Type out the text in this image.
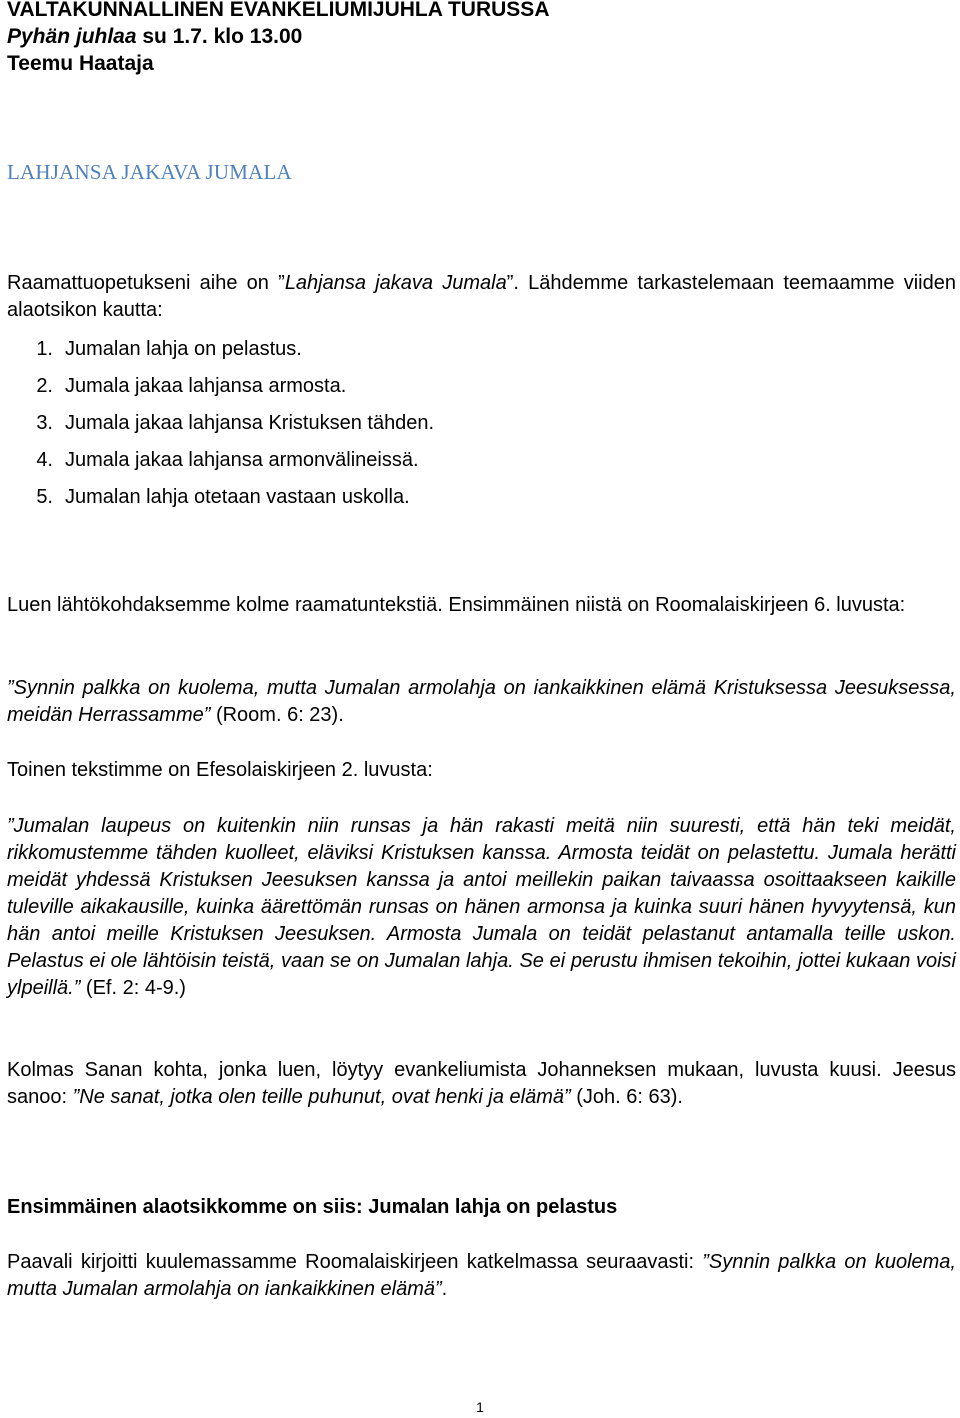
VALTAKUNNALLINEN EVANKELIUMIJUHLA TURUSSA
Pyhän juhlaa su 1.7. klo 13.00
Teemu Haataja
LAHJANSA JAKAVA JUMALA

Raamattuopetukseni aihe on ”Lahjansa jakava Jumala”. Lähdemme tarkastelemaan teemaamme viiden alaotsikon kautta:

1. Jumalan lahja on pelastus.
2. Jumala jakaa lahjansa armosta.
3. Jumala jakaa lahjansa Kristuksen tähden.
4. Jumala jakaa lahjansa armonvälineissä.
5. Jumalan lahja otetaan vastaan uskolla.

Luen lähtökohdaksemme kolme raamatuntekstiä. Ensimmäinen niistä on Roomalaiskirjeen 6. luvusta:

”Synnin palkka on kuolema, mutta Jumalan armolahja on iankaikkinen elämä Kristuksessa Jeesuksessa, meidän Herrassamme” (Room. 6: 23).

Toinen tekstimme on Efesolaiskirjeen 2. luvusta:

”Jumalan laupeus on kuitenkin niin runsas ja hän rakasti meitä niin suuresti, että hän teki meidät, rikkomustemme tähden kuolleet, eläviksi Kristuksen kanssa. Armosta teidät on pelastettu. Jumala herätti meidät yhdessä Kristuksen Jeesuksen kanssa ja antoi meillekin paikan taivaassa osoittaakseen kaikille tuleville aikakausille, kuinka äärettömän runsas on hänen armonsa ja kuinka suuri hänen hyvyytensä, kun hän antoi meille Kristuksen Jeesuksen. Armosta Jumala on teidät pelastanut antamalla teille uskon. Pelastus ei ole lähtöisin teistä, vaan se on Jumalan lahja. Se ei perustu ihmisen tekoihin, jottei kukaan voisi ylpeillä.” (Ef. 2: 4-9.)

Kolmas Sanan kohta, jonka luen, löytyy evankeliumista Johanneksen mukaan, luvusta kuusi. Jeesus sanoo: ”Ne sanat, jotka olen teille puhunut, ovat henki ja elämä” (Joh. 6: 63).

Ensimmäinen alaotsikkomme on siis: Jumalan lahja on pelastus

Paavali kirjoitti kuulemassamme Roomalaiskirjeen katkelmassa seuraavasti: ”Synnin palkka on kuolema, mutta Jumalan armolahja on iankaikkinen elämä”.

1
